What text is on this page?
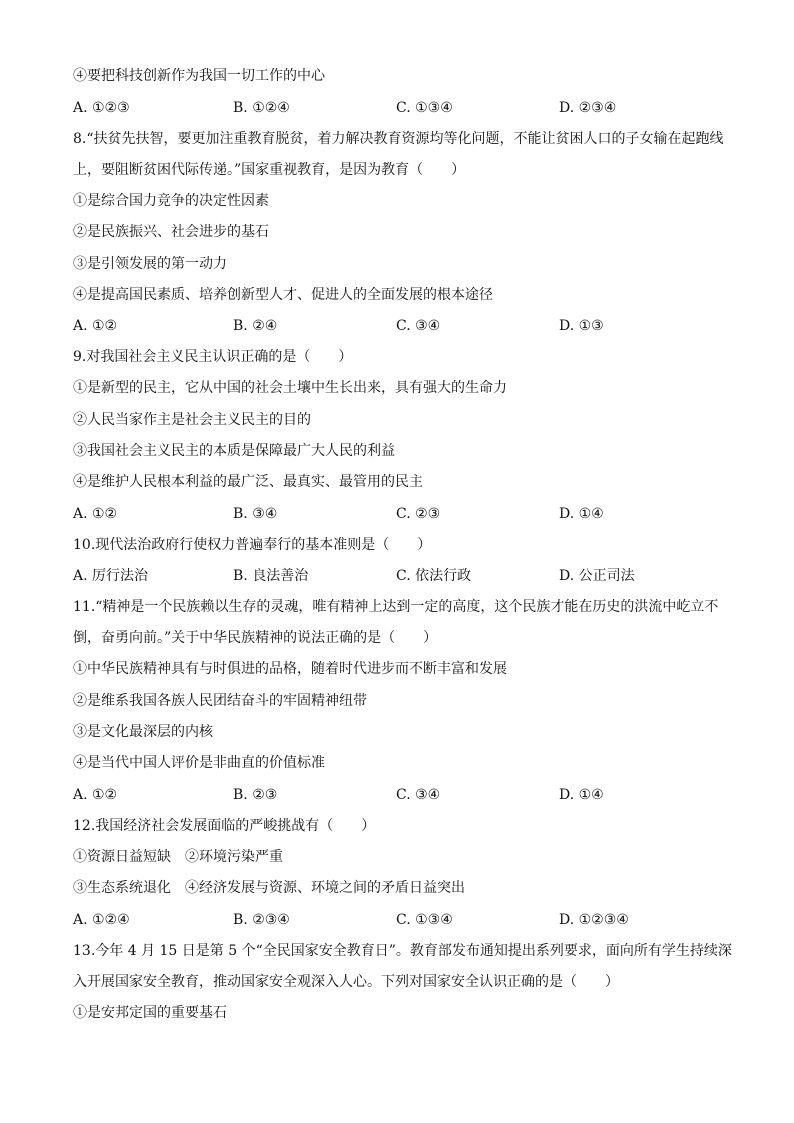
④要把科技创新作为我国一切工作的中心
A. ①②③	B. ①②④	C. ①③④	D. ②③④
8.“扶贫先扶智，要更加注重教育脱贫，着力解决教育资源均等化问题，不能让贫困人口的子女输在起跑线
上，要阻断贫困代际传递。”国家重视教育，是因为教育（　　）
①是综合国力竞争的决定性因素
②是民族振兴、社会进步的基石
③是引领发展的第一动力
④是提高国民素质、培养创新型人才、促进人的全面发展的根本途径
A. ①②	B. ②④	C. ③④	D. ①③
9.对我国社会主义民主认识正确的是（　　）
①是新型的民主，它从中国的社会土壤中生长出来，具有强大的生命力
②人民当家作主是社会主义民主的目的
③我国社会主义民主的本质是保障最广大人民的利益
④是维护人民根本利益的最广泛、最真实、最管用的民主
A. ①②	B. ③④	C. ②③	D. ①④
10.现代法治政府行使权力普遍奉行的基本准则是（　　）
A. 厉行法治	B. 良法善治	C. 依法行政	D. 公正司法
11.“精神是一个民族赖以生存的灵魂，唯有精神上达到一定的高度，这个民族才能在历史的洪流中屹立不
倒，奋勇向前。”关于中华民族精神的说法正确的是（　　）
①中华民族精神具有与时俱进的品格，随着时代进步而不断丰富和发展
②是维系我国各族人民团结奋斗的牢固精神纽带
③是文化最深层的内核
④是当代中国人评价是非曲直的价值标准
A. ①②	B. ②③	C. ③④	D. ①④
12.我国经济社会发展面临的严峻挑战有（　　）
①资源日益短缺　②环境污染严重
③生态系统退化　④经济发展与资源、环境之间的矛盾日益突出
A. ①②④	B. ②③④	C. ①③④	D. ①②③④
13.今年 4 月 15 日是第 5 个“全民国家安全教育日”。教育部发布通知提出系列要求，面向所有学生持续深
入开展国家安全教育，推动国家安全观深入人心。下列对国家安全认识正确的是（　　）
①是安邦定国的重要基石
